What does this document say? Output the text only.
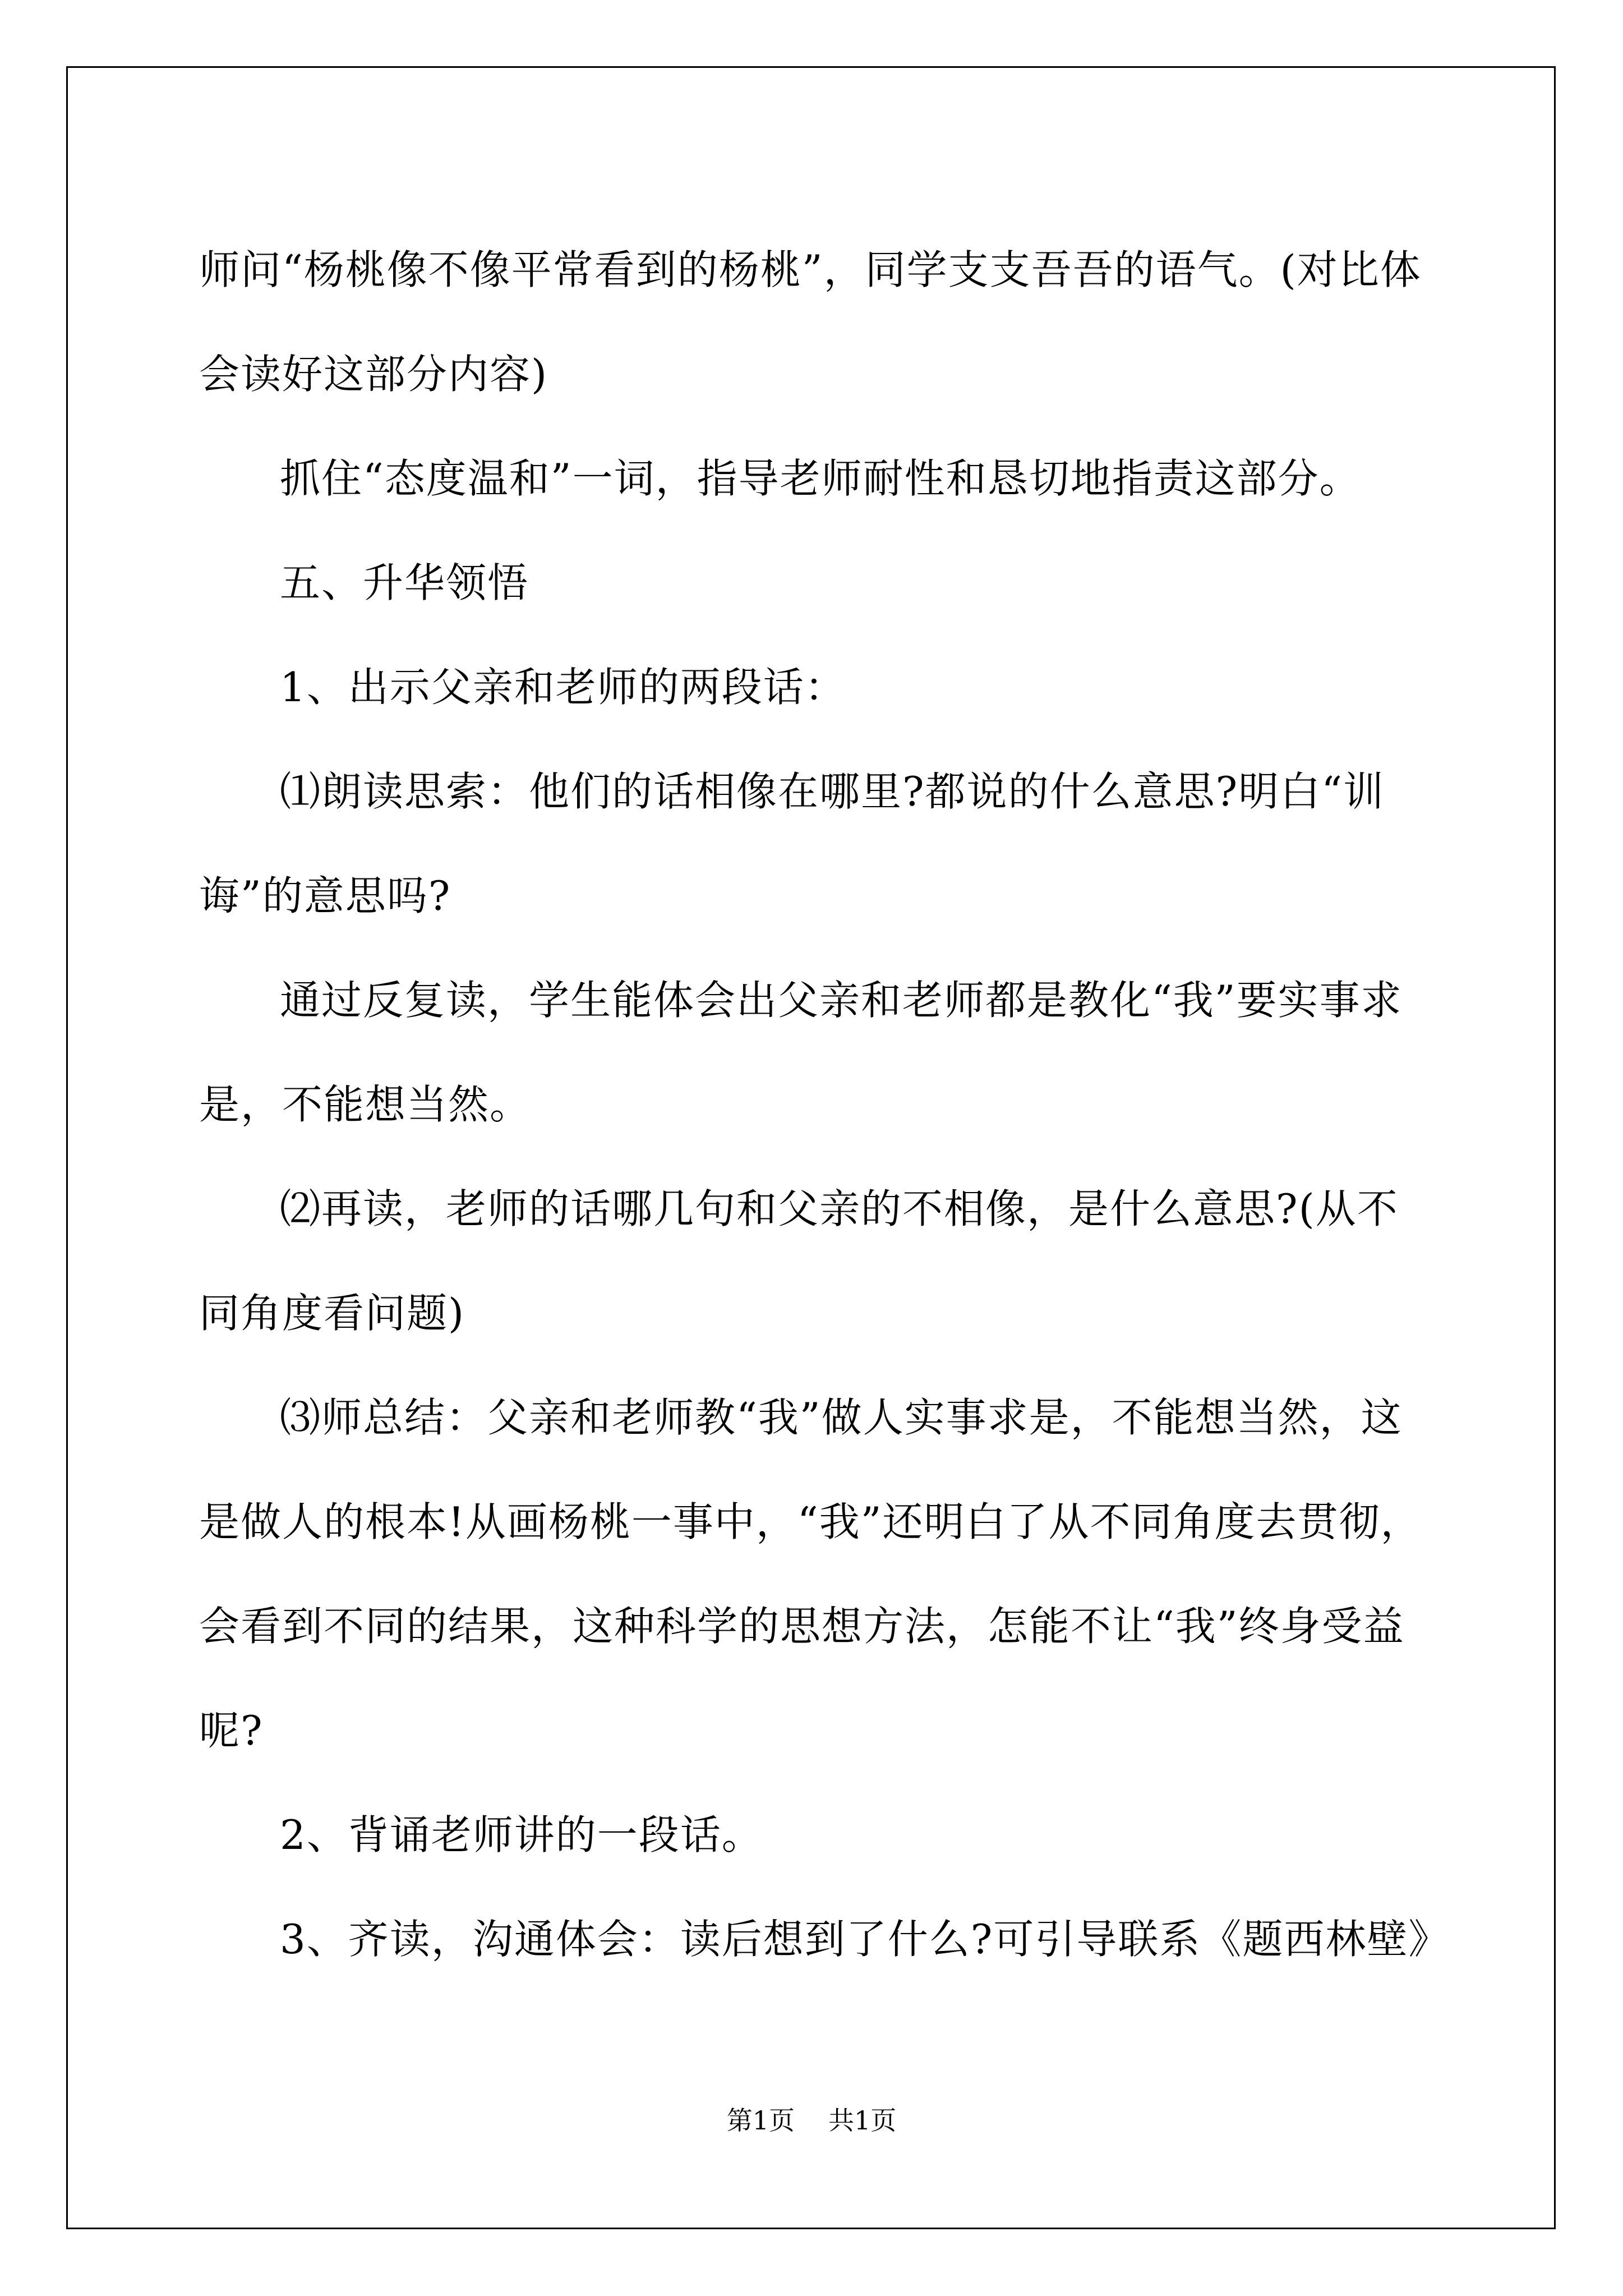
师问“杨桃像不像平常看到的杨桃”，同学支支吾吾的语气。(对比体会读好这部分内容)

抓住“态度温和”一词，指导老师耐性和恳切地指责这部分。

五、升华领悟

1、出示父亲和老师的两段话：

⑴朗读思索：他们的话相像在哪里?都说的什么意思?明白“训诲”的意思吗?

通过反复读，学生能体会出父亲和老师都是教化“我”要实事求是，不能想当然。

⑵再读，老师的话哪几句和父亲的不相像，是什么意思?(从不同角度看问题)

⑶师总结：父亲和老师教“我”做人实事求是，不能想当然，这是做人的根本!从画杨桃一事中，“我”还明白了从不同角度去贯彻，会看到不同的结果，这种科学的思想方法，怎能不让“我”终身受益呢?

2、背诵老师讲的一段话。

3、齐读，沟通体会：读后想到了什么?可引导联系《题西林壁》

第1页 共1页
